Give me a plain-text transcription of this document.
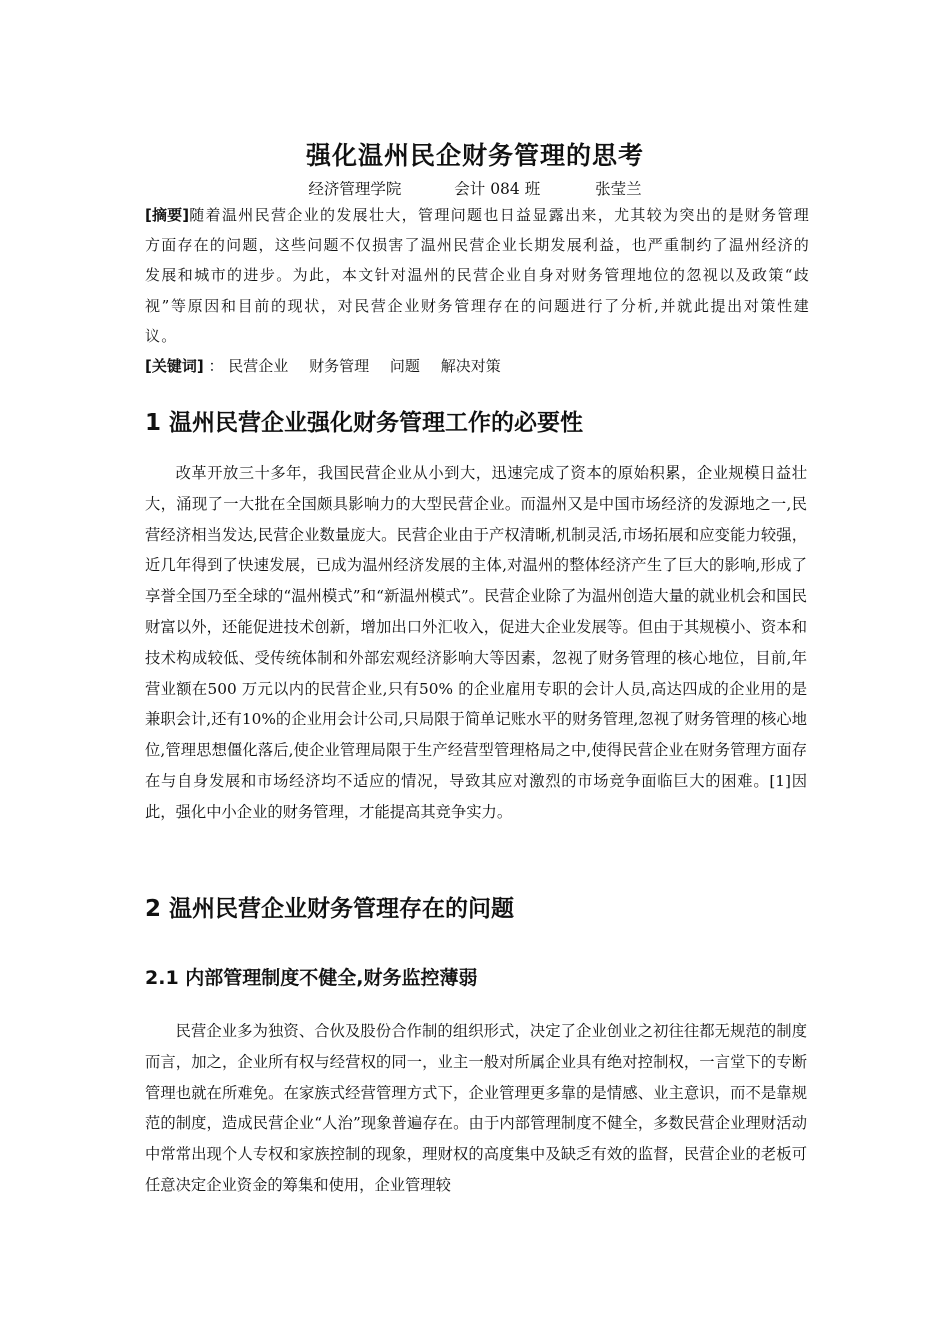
强化温州民企财务管理的思考
经济管理学院	会计 084 班	张莹兰
[摘要]随着温州民营企业的发展壮大，管理问题也日益显露出来，尤其较为突出的是财务管理方面存在的问题，这些问题不仅损害了温州民营企业长期发展利益，也严重制约了温州经济的发展和城市的进步。为此，本文针对温州的民营企业自身对财务管理地位的忽视以及政策“歧视”等原因和目前的现状，对民营企业财务管理存在的问题进行了分析,并就此提出对策性建议。
[关键词] ： 民营企业 财务管理 问题 解决对策
1 温州民营企业强化财务管理工作的必要性
改革开放三十多年，我国民营企业从小到大，迅速完成了资本的原始积累，企业规模日益壮大，涌现了一大批在全国颇具影响力的大型民营企业。而温州又是中国市场经济的发源地之一,民营经济相当发达,民营企业数量庞大。民营企业由于产权清晰,机制灵活,市场拓展和应变能力较强，近几年得到了快速发展，已成为温州经济发展的主体,对温州的整体经济产生了巨大的影响,形成了享誉全国乃至全球的“温州模式”和“新温州模式”。民营企业除了为温州创造大量的就业机会和国民财富以外，还能促进技术创新，增加出口外汇收入，促进大企业发展等。但由于其规模小、资本和技术构成较低、受传统体制和外部宏观经济影响大等因素，忽视了财务管理的核心地位，目前,年营业额在500 万元以内的民营企业,只有50% 的企业雇用专职的会计人员,高达四成的企业用的是兼职会计,还有10%的企业用会计公司,只局限于简单记账水平的财务管理,忽视了财务管理的核心地位,管理思想僵化落后,使企业管理局限于生产经营型管理格局之中,使得民营企业在财务管理方面存在与自身发展和市场经济均不适应的情况，导致其应对激烈的市场竞争面临巨大的困难。[1]因此，强化中小企业的财务管理，才能提高其竞争实力。
2 温州民营企业财务管理存在的问题
2.1 内部管理制度不健全,财务监控薄弱
民营企业多为独资、合伙及股份合作制的组织形式，决定了企业创业之初往往都无规范的制度而言，加之，企业所有权与经营权的同一，业主一般对所属企业具有绝对控制权，一言堂下的专断管理也就在所难免。在家族式经营管理方式下，企业管理更多靠的是情感、业主意识，而不是靠规范的制度，造成民营企业“人治”现象普遍存在。由于内部管理制度不健全，多数民营企业理财活动中常常出现个人专权和家族控制的现象，理财权的高度集中及缺乏有效的监督，民营企业的老板可任意决定企业资金的筹集和使用，企业管理较
